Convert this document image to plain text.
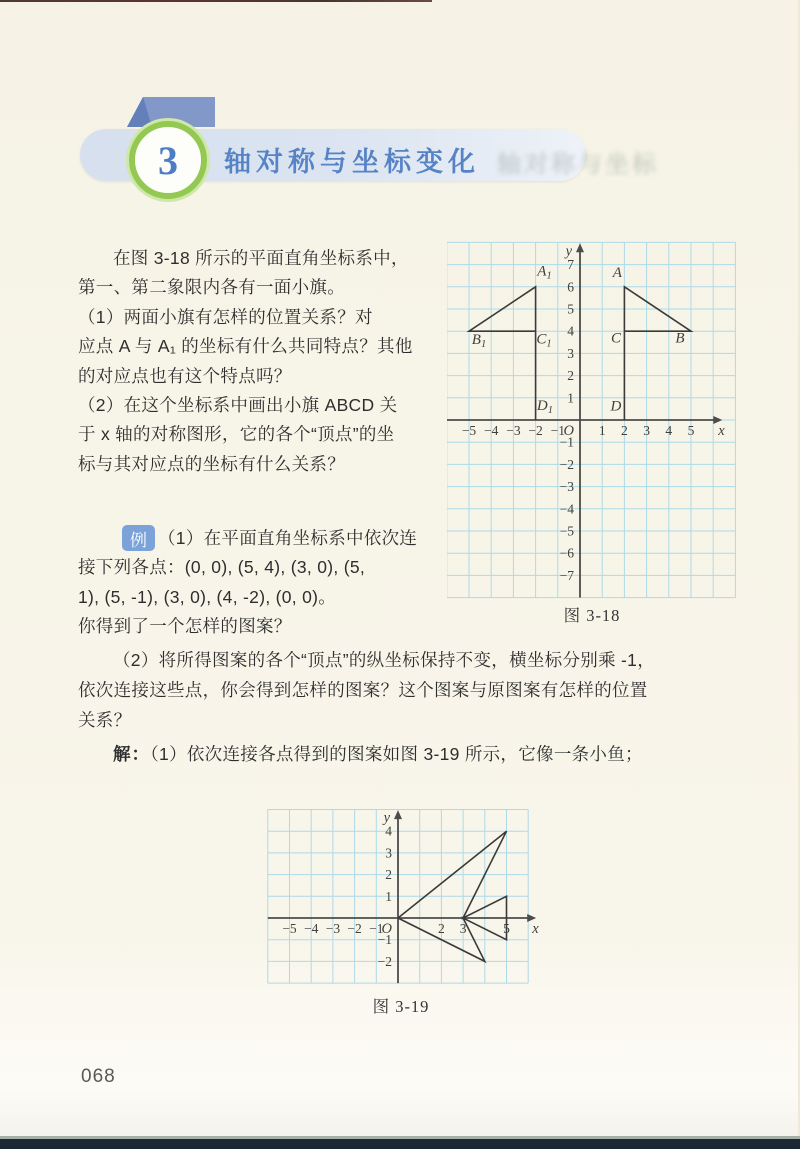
轴对称与坐标
3 轴对称与坐标变化
在图 3-18 所示的平面直角坐标系中，
第一、第二象限内各有一面小旗。
（1）两面小旗有怎样的位置关系？对
应点 A 与 A₁ 的坐标有什么共同特点？其他
的对应点也有这个特点吗？
（2）在这个坐标系中画出小旗 ABCD 关
于 x 轴的对称图形，它的各个“顶点”的坐
标与其对应点的坐标有什么关系？
例 （1）在平面直角坐标系中依次连
接下列各点：(0, 0), (5, 4), (3, 0), (5,
1), (5, -1), (3, 0), (4, -2), (0, 0)。
你得到了一个怎样的图案？
（2）将所得图案的各个“顶点”的纵坐标保持不变，横坐标分别乘 -1，
依次连接这些点，你会得到怎样的图案？这个图案与原图案有怎样的位置
关系？
解：（1）依次连接各点得到的图案如图 3-19 所示，它像一条小鱼；
−5 −4 −3 −2 −1	1 2 3 4 5
7
6
5
4
3
2
1
−1
−2
−3
−4
−5
−6
−7
O	x
y
A
$A_1$
B
$B_1$	C
$C_1$
D
$D_1$
图 3-18
−5 −4 −3 −2 −1	2 3	5
4
3
2
1
−1
−2
O	x
y
图 3-19
068
